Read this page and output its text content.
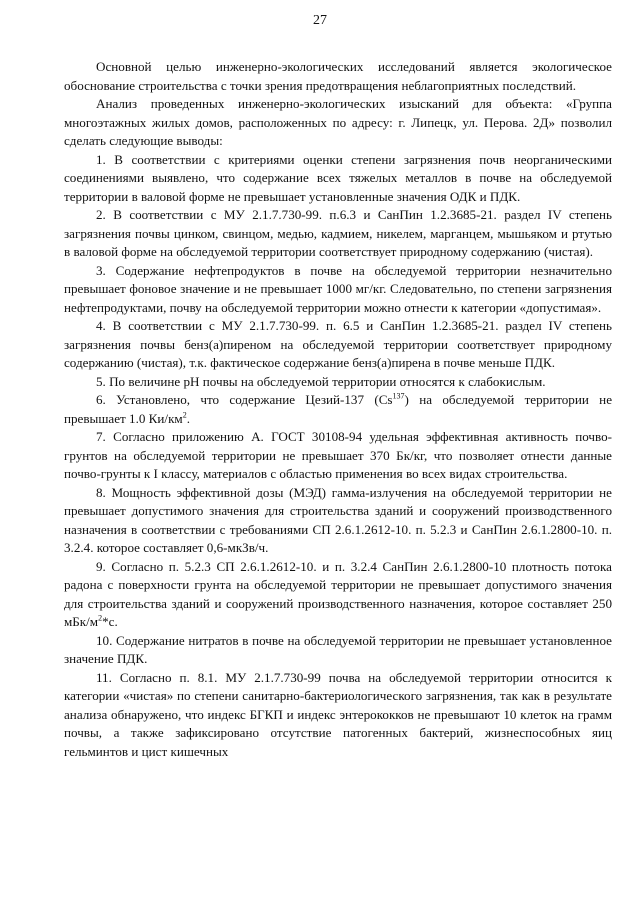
27

Основной целью инженерно-экологических исследований является экологическое обоснование строительства с точки зрения предотвращения неблагоприятных последствий.

Анализ проведенных инженерно-экологических изысканий для объекта: «Группа многоэтажных жилых домов, расположенных по адресу: г. Липецк, ул. Перова. 2Д» позволил сделать следующие выводы:

1. В соответствии с критериями оценки степени загрязнения почв неорганическими соединениями выявлено, что содержание всех тяжелых металлов в почве на обследуемой территории в валовой форме не превышает установленные значения ОДК и ПДК.

2. В соответствии с МУ 2.1.7.730-99. п.6.3 и СанПин 1.2.3685-21. раздел IV степень загрязнения почвы цинком, свинцом, медью, кадмием, никелем, марганцем, мышьяком и ртутью в валовой форме на обследуемой территории соответствует природному содержанию (чистая).

3. Содержание нефтепродуктов в почве на обследуемой территории незначительно превышает фоновое значение и не превышает 1000 мг/кг. Следовательно, по степени загрязнения нефтепродуктами, почву на обследуемой территории можно отнести к категории «допустимая».

4. В соответствии с МУ 2.1.7.730-99. п. 6.5 и СанПин 1.2.3685-21. раздел IV степень загрязнения почвы бенз(а)пиреном на обследуемой территории соответствует природному содержанию (чистая), т.к. фактическое содержание бенз(а)пирена в почве меньше ПДК.

5. По величине pH почвы на обследуемой территории относятся к слабокислым.

6. Установлено, что содержание Цезий-137 (Cs$^{137}$) на обследуемой территории не превышает 1.0 $Ки/км^2$.

7. Согласно приложению А. ГОСТ 30108-94 удельная эффективная активность почво-грунтов на обследуемой территории не превышает 370 Бк/кг, что позволяет отнести данные почво-грунты к I классу, материалов с областью применения во всех видах строительства.

8. Мощность эффективной дозы (МЭД) гамма-излучения на обследуемой территории не превышает допустимого значения для строительства зданий и сооружений производственного назначения в соответствии с требованиями СП 2.6.1.2612-10. п. 5.2.3 и СанПин 2.6.1.2800-10. п. 3.2.4. которое составляет 0,6-мкЗв/ч.

9. Согласно п. 5.2.3 СП 2.6.1.2612-10. и п. 3.2.4 СанПин 2.6.1.2800-10 плотность потока радона с поверхности грунта на обследуемой территории не превышает допустимого значения для строительства зданий и сооружений производственного назначения, которое составляет 250 мБк/$м^2*с$.

10. Содержание нитратов в почве на обследуемой территории не превышает установленное значение ПДК.

11. Согласно п. 8.1. МУ 2.1.7.730-99 почва на обследуемой территории относится к категории «чистая» по степени санитарно-бактериологического загрязнения, так как в результате анализа обнаружено, что индекс БГКП и индекс энтерококков не превышают 10 клеток на грамм почвы, а также зафиксировано отсутствие патогенных бактерий, жизнеспособных яиц гельминтов и цист кишечных
